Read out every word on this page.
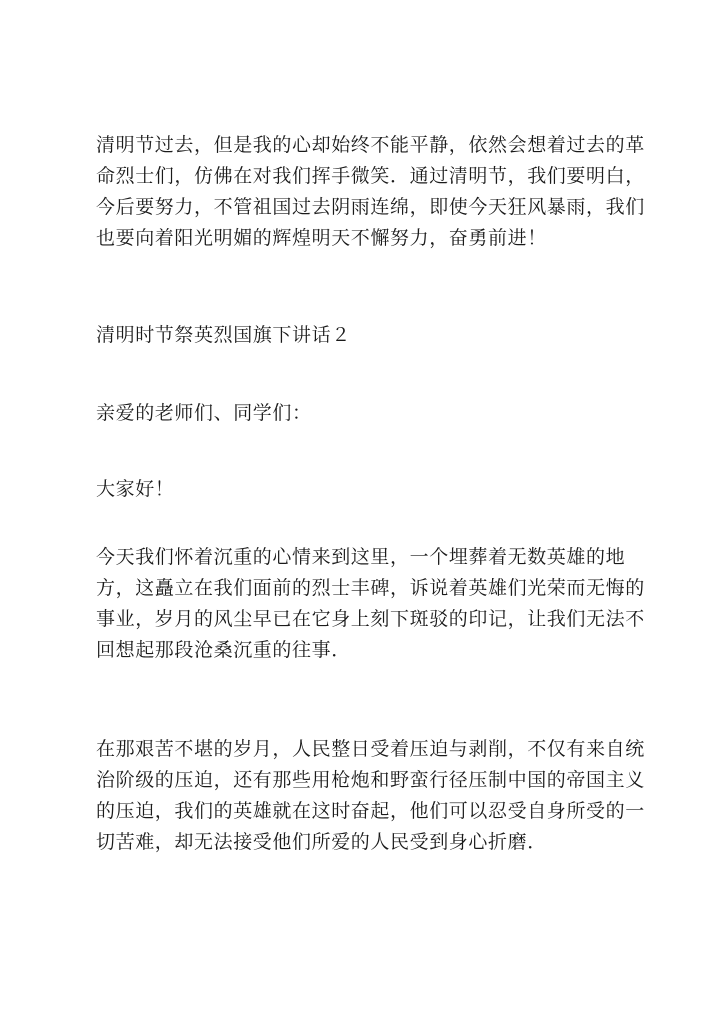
清明节过去，但是我的心却始终不能平静，依然会想着过去的革
命烈士们，仿佛在对我们挥手微笑．通过清明节，我们要明白，
今后要努力，不管祖国过去阴雨连绵，即使今天狂风暴雨，我们
也要向着阳光明媚的辉煌明天不懈努力，奋勇前进！

清明时节祭英烈国旗下讲话２

亲爱的老师们、同学们：

大家好！

今天我们怀着沉重的心情来到这里，一个埋葬着无数英雄的地
方，这矗立在我们面前的烈士丰碑，诉说着英雄们光荣而无悔的
事业，岁月的风尘早已在它身上刻下斑驳的印记，让我们无法不
回想起那段沧桑沉重的往事．

在那艰苦不堪的岁月，人民整日受着压迫与剥削，不仅有来自统
治阶级的压迫，还有那些用枪炮和野蛮行径压制中国的帝国主义
的压迫，我们的英雄就在这时奋起，他们可以忍受自身所受的一
切苦难，却无法接受他们所爱的人民受到身心折磨．
